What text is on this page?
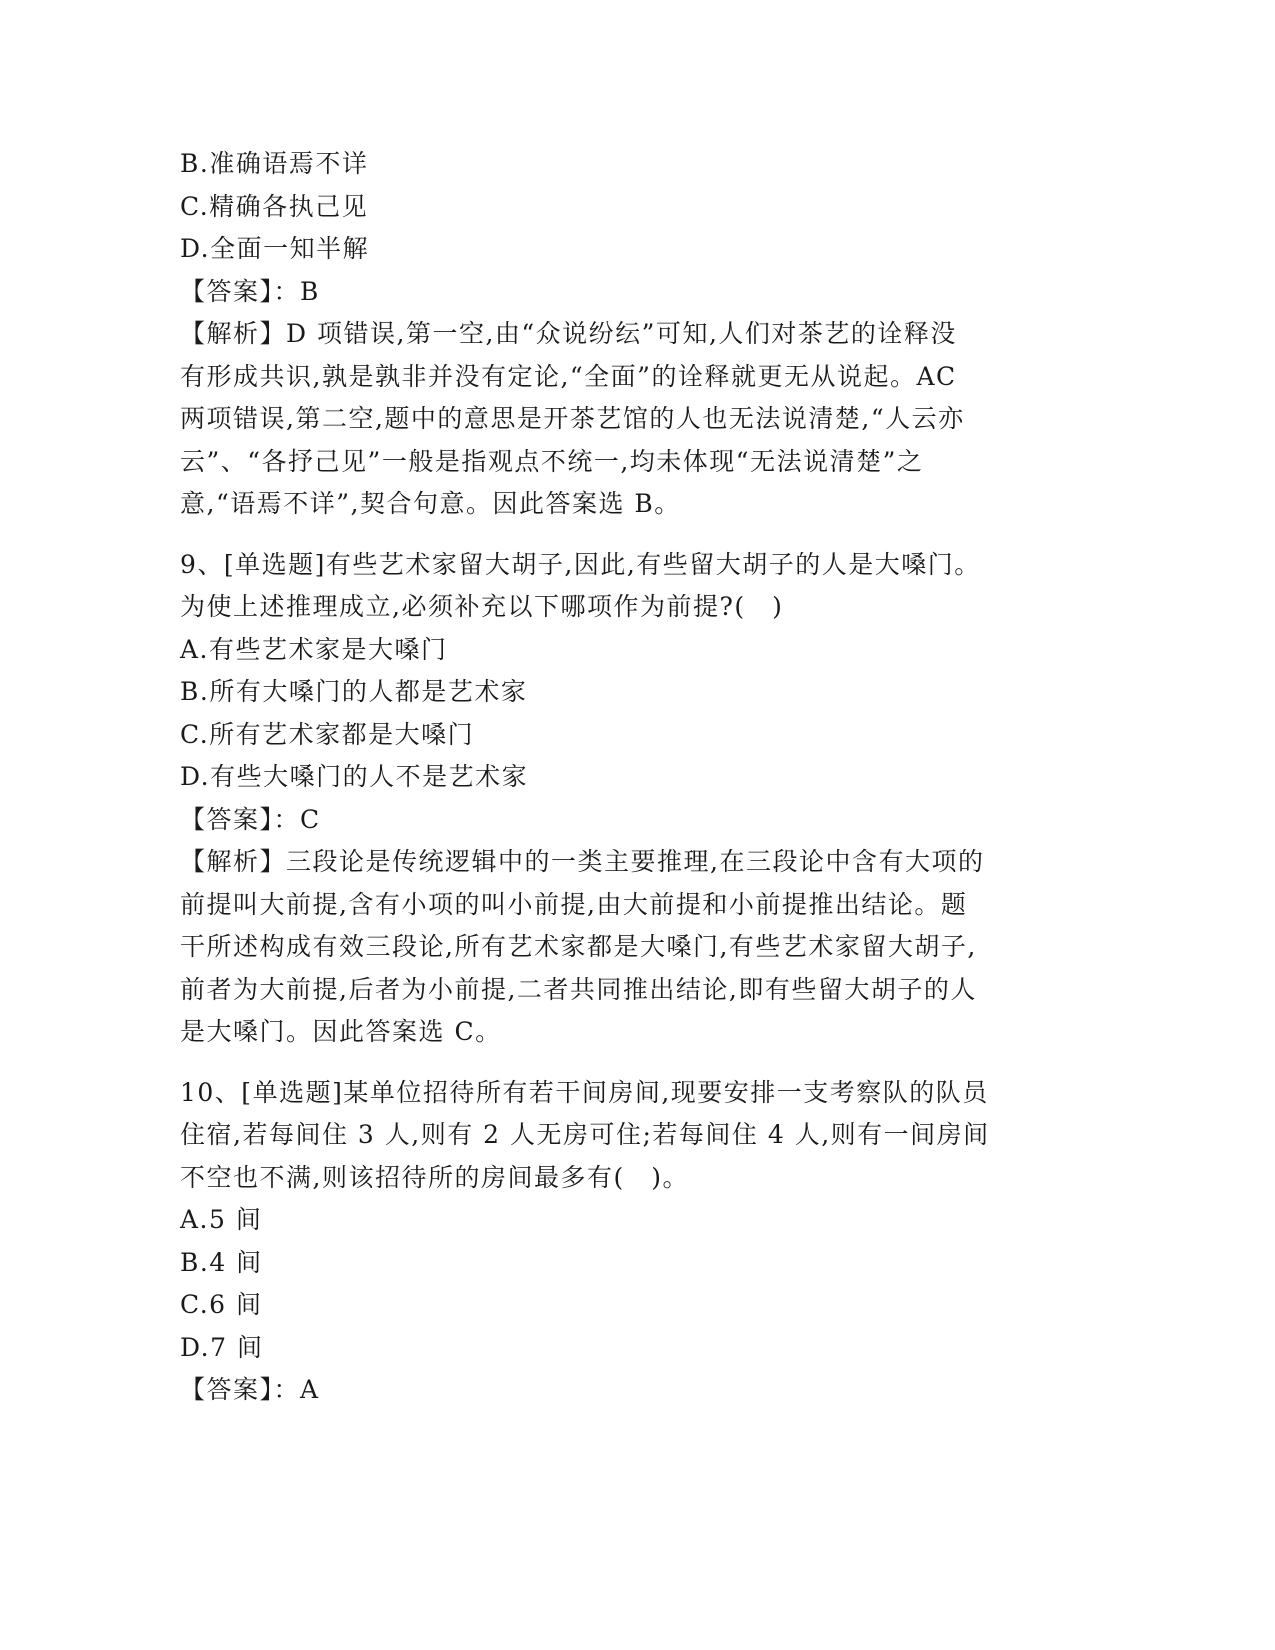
B.准确语焉不详
C.精确各执己见
D.全面一知半解
【答案】：B
【解析】D 项错误,第一空,由“众说纷纭”可知,人们对茶艺的诠释没
有形成共识,孰是孰非并没有定论,“全面”的诠释就更无从说起。AC
两项错误,第二空,题中的意思是开茶艺馆的人也无法说清楚,“人云亦
云”、“各抒己见”一般是指观点不统一,均未体现“无法说清楚”之
意,“语焉不详”,契合句意。因此答案选 B。
9、[单选题]有些艺术家留大胡子,因此,有些留大胡子的人是大嗓门。
为使上述推理成立,必须补充以下哪项作为前提?(　)
A.有些艺术家是大嗓门
B.所有大嗓门的人都是艺术家
C.所有艺术家都是大嗓门
D.有些大嗓门的人不是艺术家
【答案】：C
【解析】三段论是传统逻辑中的一类主要推理,在三段论中含有大项的
前提叫大前提,含有小项的叫小前提,由大前提和小前提推出结论。题
干所述构成有效三段论,所有艺术家都是大嗓门,有些艺术家留大胡子,
前者为大前提,后者为小前提,二者共同推出结论,即有些留大胡子的人
是大嗓门。因此答案选 C。
10、[单选题]某单位招待所有若干间房间,现要安排一支考察队的队员
住宿,若每间住 3 人,则有 2 人无房可住;若每间住 4 人,则有一间房间
不空也不满,则该招待所的房间最多有(　)。
A.5 间
B.4 间
C.6 间
D.7 间
【答案】：A
